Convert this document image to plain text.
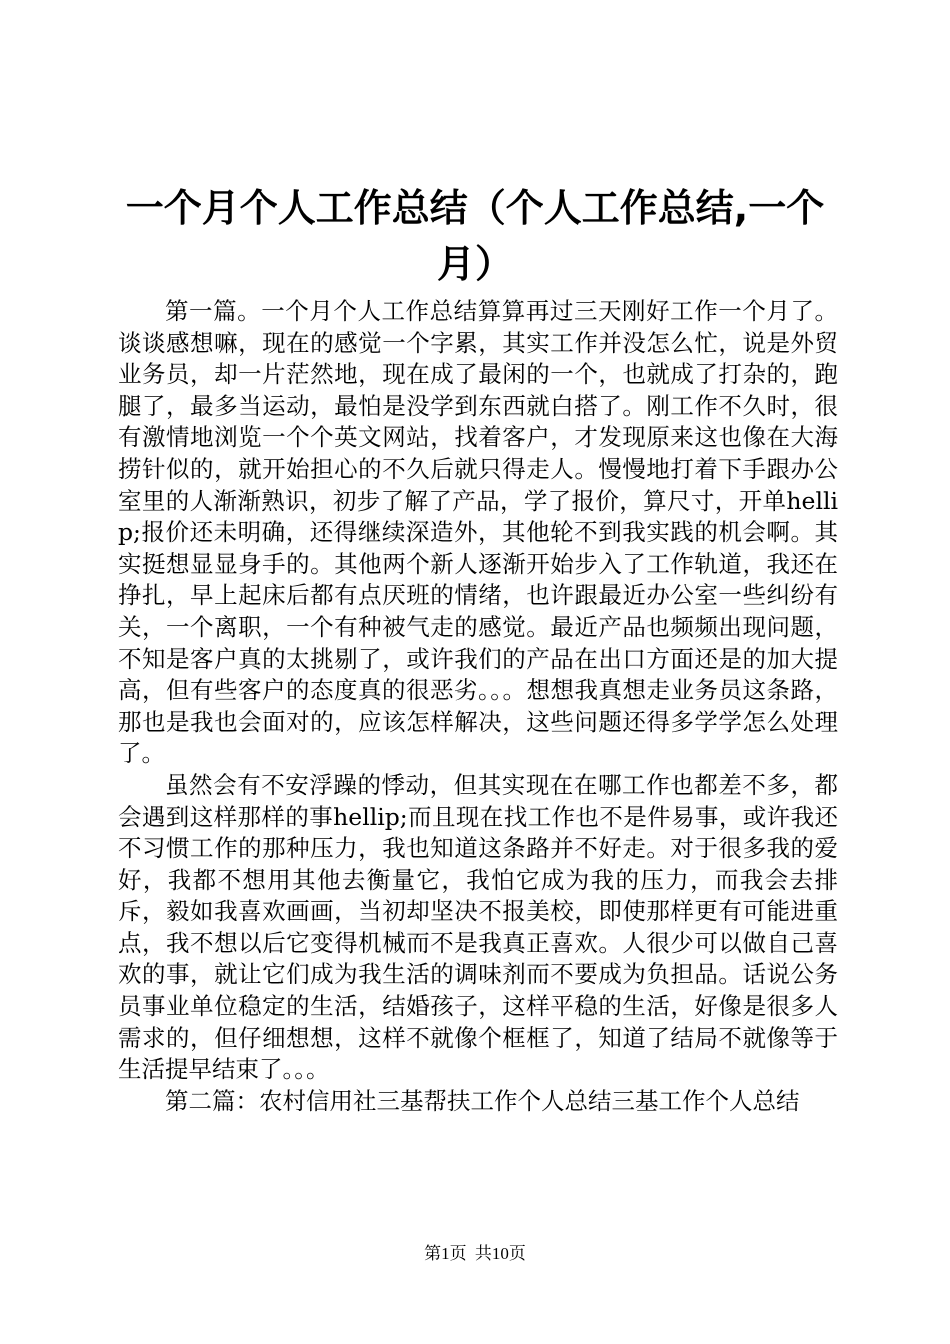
一个月个人工作总结（个人工作总结,一个
月）

第一篇。一个月个人工作总结算算再过三天刚好工作一个月了。谈谈感想嘛，现在的感觉一个字累，其实工作并没怎么忙，说是外贸业务员，却一片茫然地，现在成了最闲的一个，也就成了打杂的，跑腿了，最多当运动，最怕是没学到东西就白搭了。刚工作不久时，很有激情地浏览一个个英文网站，找着客户，才发现原来这也像在大海捞针似的，就开始担心的不久后就只得走人。慢慢地打着下手跟办公室里的人渐渐熟识，初步了解了产品，学了报价，算尺寸，开单hellip;报价还未明确，还得继续深造外，其他轮不到我实践的机会啊。其实挺想显显身手的。其他两个新人逐渐开始步入了工作轨道，我还在挣扎，早上起床后都有点厌班的情绪，也许跟最近办公室一些纠纷有关，一个离职，一个有种被气走的感觉。最近产品也频频出现问题，不知是客户真的太挑剔了，或许我们的产品在出口方面还是的加大提高，但有些客户的态度真的很恶劣。。。想想我真想走业务员这条路，那也是我也会面对的，应该怎样解决，这些问题还得多学学怎么处理了。

虽然会有不安浮躁的悸动，但其实现在在哪工作也都差不多，都会遇到这样那样的事hellip;而且现在找工作也不是件易事，或许我还不习惯工作的那种压力，我也知道这条路并不好走。对于很多我的爱好，我都不想用其他去衡量它，我怕它成为我的压力，而我会去排斥，毅如我喜欢画画，当初却坚决不报美校，即使那样更有可能进重点，我不想以后它变得机械而不是我真正喜欢。人很少可以做自己喜欢的事，就让它们成为我生活的调味剂而不要成为负担品。话说公务员事业单位稳定的生活，结婚孩子，这样平稳的生活，好像是很多人需求的，但仔细想想，这样不就像个框框了，知道了结局不就像等于生活提早结束了。。。

第二篇：农村信用社三基帮扶工作个人总结三基工作个人总结

第1页 共10页
